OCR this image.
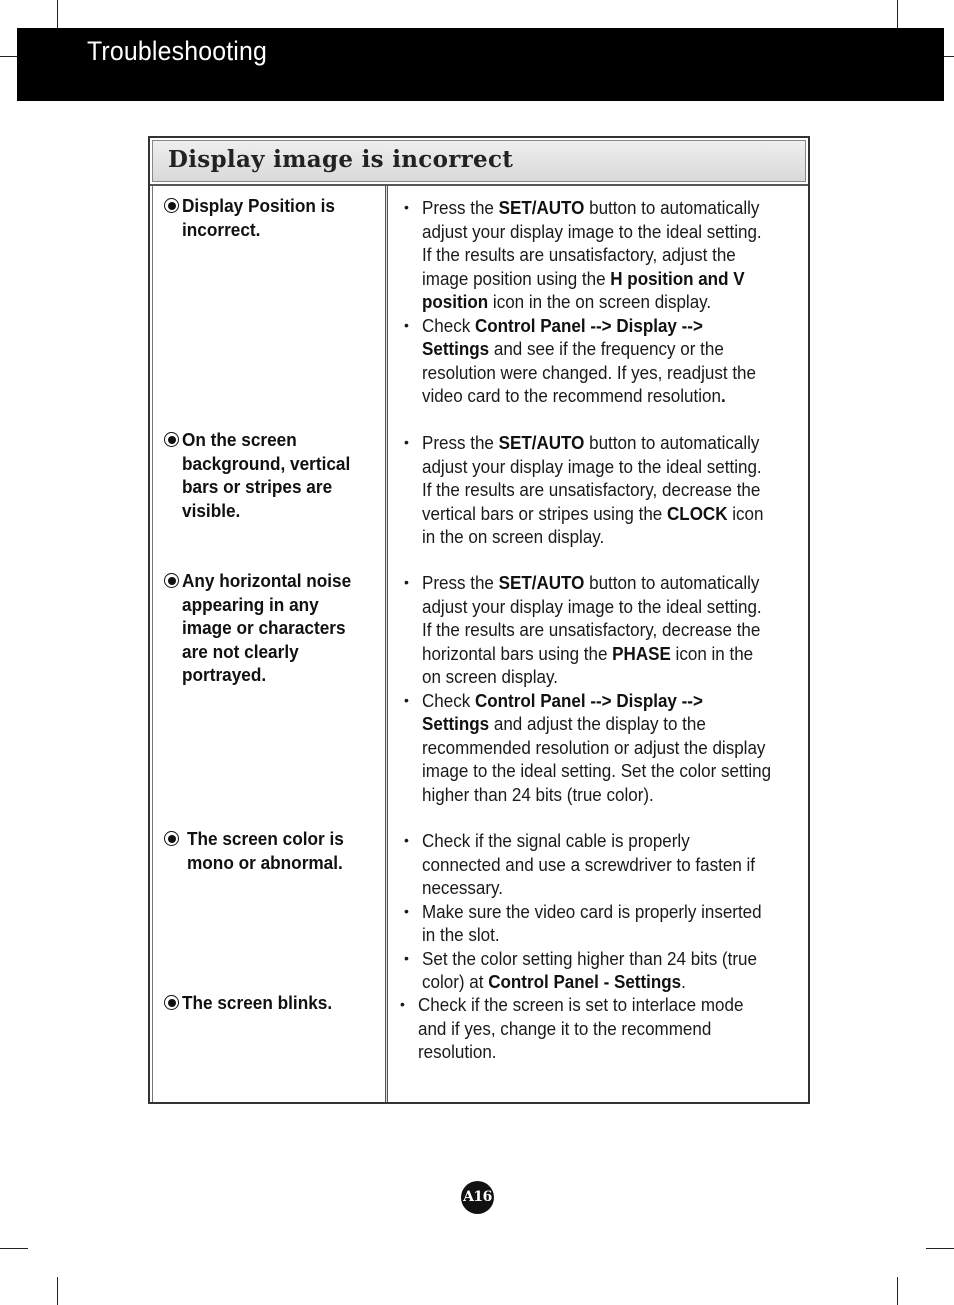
Troubleshooting
Display image is incorrect
Display Position is
incorrect.
• Press the SET/AUTO button to automatically adjust your display image to the ideal setting. If the results are unsatisfactory, adjust the image position using the H position and V position icon in the on screen display.
• Check Control Panel --> Display --> Settings and see if the frequency or the resolution were changed. If yes, readjust the video card to the recommend resolution.
On the screen
background, vertical
bars or stripes are
visible.
• Press the SET/AUTO button to automatically adjust your display image to the ideal setting. If the results are unsatisfactory, decrease the vertical bars or stripes using the CLOCK icon in the on screen display.
Any horizontal noise
appearing in any
image or characters
are not clearly
portrayed.
• Press the SET/AUTO button to automatically adjust your display image to the ideal setting. If the results are unsatisfactory, decrease the horizontal bars using the PHASE icon in the on screen display.
• Check Control Panel --> Display --> Settings and adjust the display to the recommended resolution or adjust the display image to the ideal setting. Set the color setting higher than 24 bits (true color).
The screen color is
mono or abnormal.
• Check if the signal cable is properly connected and use a screwdriver to fasten if necessary.
• Make sure the video card is properly inserted in the slot.
• Set the color setting higher than 24 bits (true color) at Control Panel - Settings.
The screen blinks.	• Check if the screen is set to interlace mode and if yes, change it to the recommend resolution.
A16
